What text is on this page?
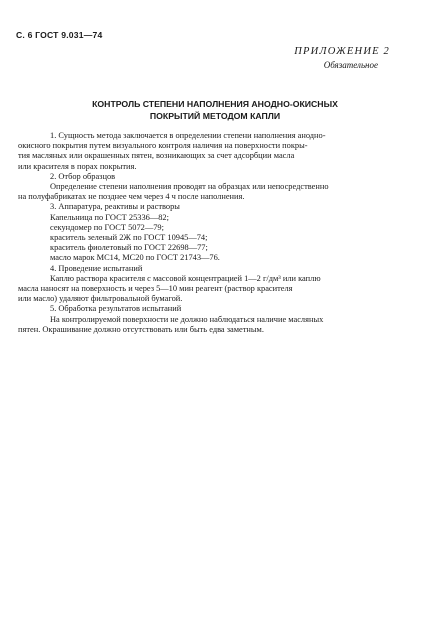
С. 6 ГОСТ 9.031—74
ПРИЛОЖЕНИЕ 2
Обязательное
КОНТРОЛЬ СТЕПЕНИ НАПОЛНЕНИЯ АНОДНО-ОКИСНЫХ
ПОКРЫТИЙ МЕТОДОМ КАПЛИ

1. Сущность метода заключается в определении степени наполнения анодно-

окисного покрытия путем визуального контроля наличия на поверхности покры-

тия масляных или окрашенных пятен, возникающих за счет адсорбции масла

или красителя в порах покрытия.

2. Отбор образцов

Определение степени наполнения проводят на образцах или непосредственно

на полуфабрикатах не позднее чем через 4 ч после наполнения.

3. Аппаратура, реактивы и растворы

Капельница по ГОСТ 25336—82;

секундомер по ГОСТ 5072—79;

краситель зеленый 2Ж по ГОСТ 10945—74;

краситель фиолетовый по ГОСТ 22698—77;

масло марок МС14, МС20 по ГОСТ 21743—76.

4. Проведение испытаний

Каплю раствора красителя с массовой концентрацией 1—2 г/дм³ или каплю

масла наносят на поверхность и через 5—10 мин реагент (раствор красителя

или масло) удаляют фильтровальной бумагой.

5. Обработка результатов испытаний

На контролируемой поверхности не должно наблюдаться наличие масляных

пятен. Окрашивание должно отсутствовать или быть едва заметным.
